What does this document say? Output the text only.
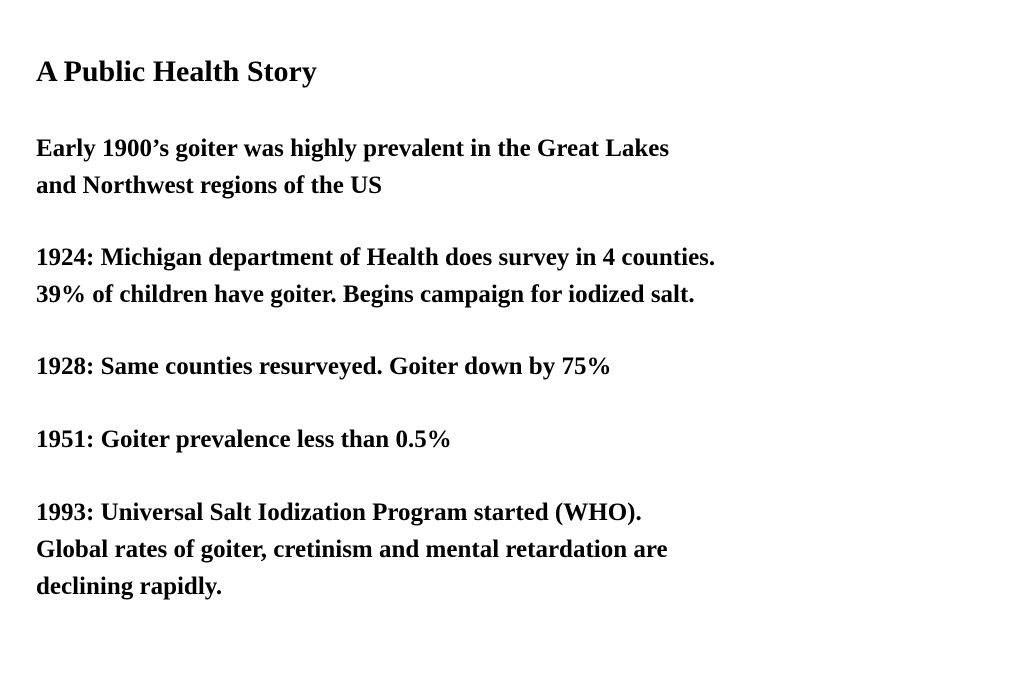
A Public Health Story

Early 1900’s goiter was highly prevalent in the Great Lakes
and Northwest regions of the US

1924: Michigan department of Health does survey in 4 counties.
39% of children have goiter. Begins campaign for iodized salt.

1928: Same counties resurveyed. Goiter down by 75%

1951: Goiter prevalence less than 0.5%

1993: Universal Salt Iodization Program started (WHO).
Global rates of goiter, cretinism and mental retardation are
declining rapidly.
